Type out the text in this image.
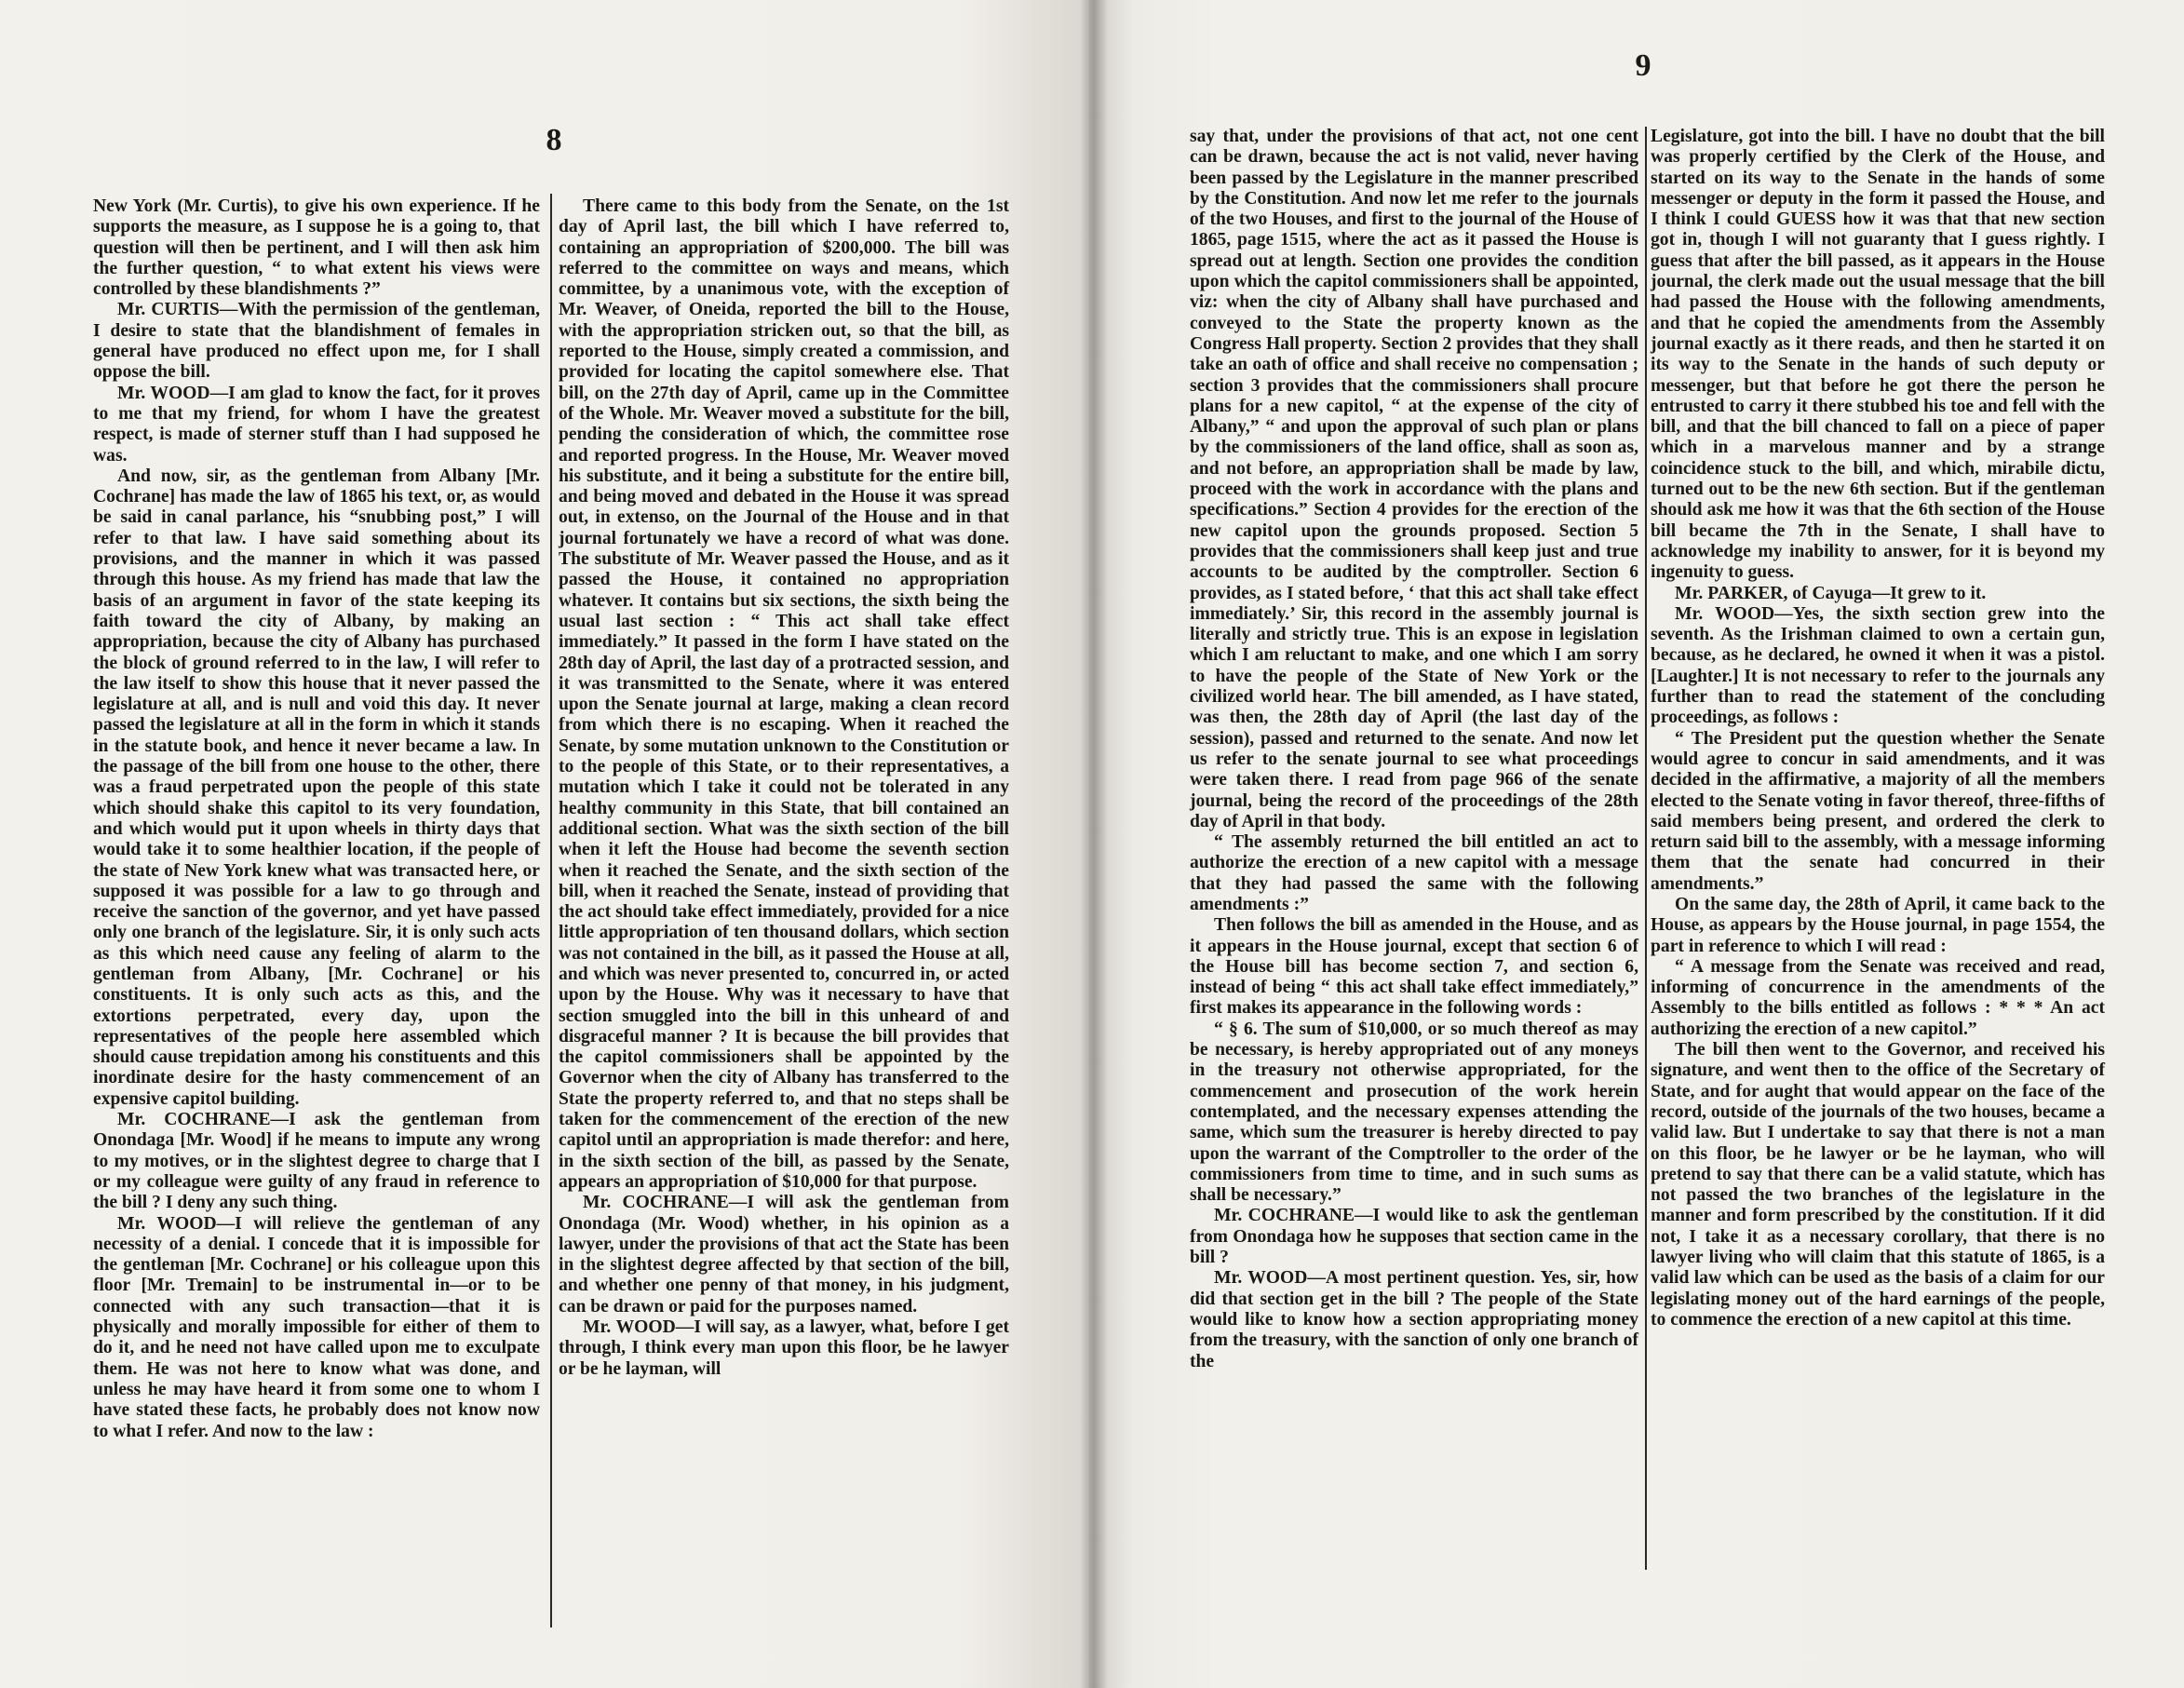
8

New York (Mr. Curtis), to give his own experience. If he supports the measure, as I suppose he is a going to, that question will then be pertinent, and I will then ask him the further question, “ to what extent his views were controlled by these blandishments ?”

Mr. CURTIS—With the permission of the gentleman, I desire to state that the blandishment of females in general have produced no effect upon me, for I shall oppose the bill.

Mr. WOOD—I am glad to know the fact, for it proves to me that my friend, for whom I have the greatest respect, is made of sterner stuff than I had supposed he was.

And now, sir, as the gentleman from Albany [Mr. Cochrane] has made the law of 1865 his text, or, as would be said in canal parlance, his “snubbing post,” I will refer to that law. I have said something about its provisions, and the manner in which it was passed through this house. As my friend has made that law the basis of an argument in favor of the state keeping its faith toward the city of Albany, by making an appropriation, because the city of Albany has purchased the block of ground referred to in the law, I will refer to the law itself to show this house that it never passed the legislature at all, and is null and void this day. It never passed the legislature at all in the form in which it stands in the statute book, and hence it never became a law. In the passage of the bill from one house to the other, there was a fraud perpetrated upon the people of this state which should shake this capitol to its very foundation, and which would put it upon wheels in thirty days that would take it to some healthier location, if the people of the state of New York knew what was transacted here, or supposed it was possible for a law to go through and receive the sanction of the governor, and yet have passed only one branch of the legislature. Sir, it is only such acts as this which need cause any feeling of alarm to the gentleman from Albany, [Mr. Cochrane] or his constituents. It is only such acts as this, and the extortions perpetrated, every day, upon the representatives of the people here assembled which should cause trepidation among his constituents and this inordinate desire for the hasty commencement of an expensive capitol building.

Mr. COCHRANE—I ask the gentleman from Onondaga [Mr. Wood] if he means to impute any wrong to my motives, or in the slightest degree to charge that I or my colleague were guilty of any fraud in reference to the bill ? I deny any such thing.

Mr. WOOD—I will relieve the gentleman of any necessity of a denial. I concede that it is impossible for the gentleman [Mr. Cochrane] or his colleague upon this floor [Mr. Tremain] to be instrumental in—or to be connected with any such transaction—that it is physically and morally impossible for either of them to do it, and he need not have called upon me to exculpate them. He was not here to know what was done, and unless he may have heard it from some one to whom I have stated these facts, he probably does not know now to what I refer. And now to the law :

There came to this body from the Senate, on the 1st day of April last, the bill which I have referred to, containing an appropriation of $200,000. The bill was referred to the committee on ways and means, which committee, by a unanimous vote, with the exception of Mr. Weaver, of Oneida, reported the bill to the House, with the appropriation stricken out, so that the bill, as reported to the House, simply created a commission, and provided for locating the capitol somewhere else. That bill, on the 27th day of April, came up in the Committee of the Whole. Mr. Weaver moved a substitute for the bill, pending the consideration of which, the committee rose and reported progress. In the House, Mr. Weaver moved his substitute, and it being a substitute for the entire bill, and being moved and debated in the House it was spread out, in extenso, on the Journal of the House and in that journal fortunately we have a record of what was done. The substitute of Mr. Weaver passed the House, and as it passed the House, it contained no appropriation whatever. It contains but six sections, the sixth being the usual last section : “ This act shall take effect immediately.” It passed in the form I have stated on the 28th day of April, the last day of a protracted session, and it was transmitted to the Senate, where it was entered upon the Senate journal at large, making a clean record from which there is no escaping. When it reached the Senate, by some mutation unknown to the Constitution or to the people of this State, or to their representatives, a mutation which I take it could not be tolerated in any healthy community in this State, that bill contained an additional section. What was the sixth section of the bill when it left the House had become the seventh section when it reached the Senate, and the sixth section of the bill, when it reached the Senate, instead of providing that the act should take effect immediately, provided for a nice little appropriation of ten thousand dollars, which section was not contained in the bill, as it passed the House at all, and which was never presented to, concurred in, or acted upon by the House. Why was it necessary to have that section smuggled into the bill in this unheard of and disgraceful manner ? It is because the bill provides that the capitol commissioners shall be appointed by the Governor when the city of Albany has transferred to the State the property referred to, and that no steps shall be taken for the commencement of the erection of the new capitol until an appropriation is made therefor: and here, in the sixth section of the bill, as passed by the Senate, appears an appropriation of $10,000 for that purpose.

Mr. COCHRANE—I will ask the gentleman from Onondaga (Mr. Wood) whether, in his opinion as a lawyer, under the provisions of that act the State has been in the slightest degree affected by that section of the bill, and whether one penny of that money, in his judgment, can be drawn or paid for the purposes named.

Mr. WOOD—I will say, as a lawyer, what, before I get through, I think every man upon this floor, be he lawyer or be he layman, will

9

say that, under the provisions of that act, not one cent can be drawn, because the act is not valid, never having been passed by the Legislature in the manner prescribed by the Constitution. And now let me refer to the journals of the two Houses, and first to the journal of the House of 1865, page 1515, where the act as it passed the House is spread out at length. Section one provides the condition upon which the capitol commissioners shall be appointed, viz: when the city of Albany shall have purchased and conveyed to the State the property known as the Congress Hall property. Section 2 provides that they shall take an oath of office and shall receive no compensation ; section 3 provides that the commissioners shall procure plans for a new capitol, “ at the expense of the city of Albany,” “ and upon the approval of such plan or plans by the commissioners of the land office, shall as soon as, and not before, an appropriation shall be made by law, proceed with the work in accordance with the plans and specifications.” Section 4 provides for the erection of the new capitol upon the grounds proposed. Section 5 provides that the commissioners shall keep just and true accounts to be audited by the comptroller. Section 6 provides, as I stated before, ‘ that this act shall take effect immediately.’ Sir, this record in the assembly journal is literally and strictly true. This is an expose in legislation which I am reluctant to make, and one which I am sorry to have the people of the State of New York or the civilized world hear. The bill amended, as I have stated, was then, the 28th day of April (the last day of the session), passed and returned to the senate. And now let us refer to the senate journal to see what proceedings were taken there. I read from page 966 of the senate journal, being the record of the proceedings of the 28th day of April in that body.

“ The assembly returned the bill entitled an act to authorize the erection of a new capitol with a message that they had passed the same with the following amendments :”

Then follows the bill as amended in the House, and as it appears in the House journal, except that section 6 of the House bill has become section 7, and section 6, instead of being “ this act shall take effect immediately,” first makes its appearance in the following words :

“ § 6. The sum of $10,000, or so much thereof as may be necessary, is hereby appropriated out of any moneys in the treasury not otherwise appropriated, for the commencement and prosecution of the work herein contemplated, and the necessary expenses attending the same, which sum the treasurer is hereby directed to pay upon the warrant of the Comptroller to the order of the commissioners from time to time, and in such sums as shall be necessary.”

Mr. COCHRANE—I would like to ask the gentleman from Onondaga how he supposes that section came in the bill ?

Mr. WOOD—A most pertinent question. Yes, sir, how did that section get in the bill ? The people of the State would like to know how a section appropriating money from the treasury, with the sanction of only one branch of the

Legislature, got into the bill. I have no doubt that the bill was properly certified by the Clerk of the House, and started on its way to the Senate in the hands of some messenger or deputy in the form it passed the House, and I think I could GUESS how it was that that new section got in, though I will not guaranty that I guess rightly. I guess that after the bill passed, as it appears in the House journal, the clerk made out the usual message that the bill had passed the House with the following amendments, and that he copied the amendments from the Assembly journal exactly as it there reads, and then he started it on its way to the Senate in the hands of such deputy or messenger, but that before he got there the person he entrusted to carry it there stubbed his toe and fell with the bill, and that the bill chanced to fall on a piece of paper which in a marvelous manner and by a strange coincidence stuck to the bill, and which, mirabile dictu, turned out to be the new 6th section. But if the gentleman should ask me how it was that the 6th section of the House bill became the 7th in the Senate, I shall have to acknowledge my inability to answer, for it is beyond my ingenuity to guess.

Mr. PARKER, of Cayuga—It grew to it.

Mr. WOOD—Yes, the sixth section grew into the seventh. As the Irishman claimed to own a certain gun, because, as he declared, he owned it when it was a pistol. [Laughter.] It is not necessary to refer to the journals any further than to read the statement of the concluding proceedings, as follows :

“ The President put the question whether the Senate would agree to concur in said amendments, and it was decided in the affirmative, a majority of all the members elected to the Senate voting in favor thereof, three-fifths of said members being present, and ordered the clerk to return said bill to the assembly, with a message informing them that the senate had concurred in their amendments.”

On the same day, the 28th of April, it came back to the House, as appears by the House journal, in page 1554, the part in reference to which I will read :

“ A message from the Senate was received and read, informing of concurrence in the amendments of the Assembly to the bills entitled as follows : * * * An act authorizing the erection of a new capitol.”

The bill then went to the Governor, and received his signature, and went then to the office of the Secretary of State, and for aught that would appear on the face of the record, outside of the journals of the two houses, became a valid law. But I undertake to say that there is not a man on this floor, be he lawyer or be he layman, who will pretend to say that there can be a valid statute, which has not passed the two branches of the legislature in the manner and form prescribed by the constitution. If it did not, I take it as a necessary corollary, that there is no lawyer living who will claim that this statute of 1865, is a valid law which can be used as the basis of a claim for our legislating money out of the hard earnings of the people, to commence the erection of a new capitol at this time.
